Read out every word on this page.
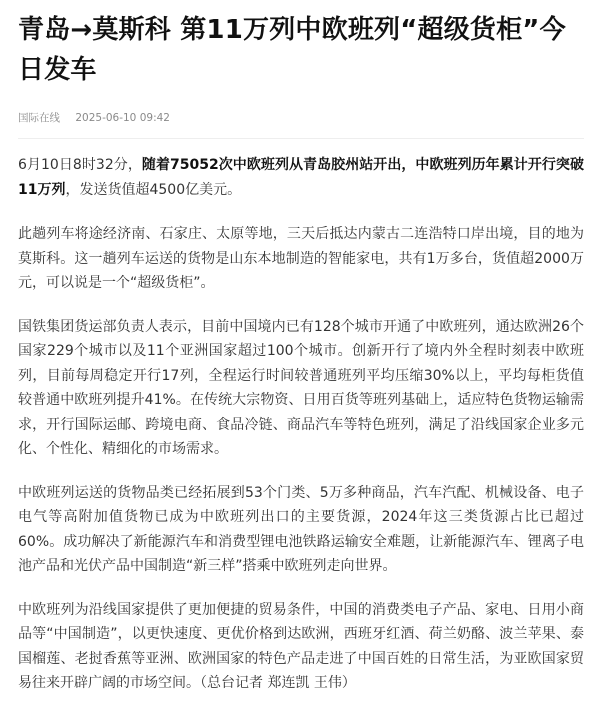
青岛→莫斯科 第11万列中欧班列“超级货柜”今日发车
国际在线 2025-06-10 09:42

6月10日8时32分，随着75052次中欧班列从青岛胶州站开出，中欧班列历年累计开行突破11万列，发送货值超4500亿美元。

此趟列车将途经济南、石家庄、太原等地，三天后抵达内蒙古二连浩特口岸出境，目的地为莫斯科。这一趟列车运送的货物是山东本地制造的智能家电，共有1万多台，货值超2000万元，可以说是一个“超级货柜”。

国铁集团货运部负责人表示，目前中国境内已有128个城市开通了中欧班列，通达欧洲26个国家229个城市以及11个亚洲国家超过100个城市。创新开行了境内外全程时刻表中欧班列，目前每周稳定开行17列，全程运行时间较普通班列平均压缩30%以上，平均每柜货值较普通中欧班列提升41%。在传统大宗物资、日用百货等班列基础上，适应特色货物运输需求，开行国际运邮、跨境电商、食品冷链、商品汽车等特色班列，满足了沿线国家企业多元化、个性化、精细化的市场需求。

中欧班列运送的货物品类已经拓展到53个门类、5万多种商品，汽车汽配、机械设备、电子电气等高附加值货物已成为中欧班列出口的主要货源，2024年这三类货源占比已超过60%。成功解决了新能源汽车和消费型锂电池铁路运输安全难题，让新能源汽车、锂离子电池产品和光伏产品中国制造“新三样”搭乘中欧班列走向世界。

中欧班列为沿线国家提供了更加便捷的贸易条件，中国的消费类电子产品、家电、日用小商品等“中国制造”，以更快速度、更优价格到达欧洲，西班牙红酒、荷兰奶酪、波兰苹果、泰国榴莲、老挝香蕉等亚洲、欧洲国家的特色产品走进了中国百姓的日常生活，为亚欧国家贸易往来开辟广阔的市场空间。（总台记者 郑连凯 王伟）
